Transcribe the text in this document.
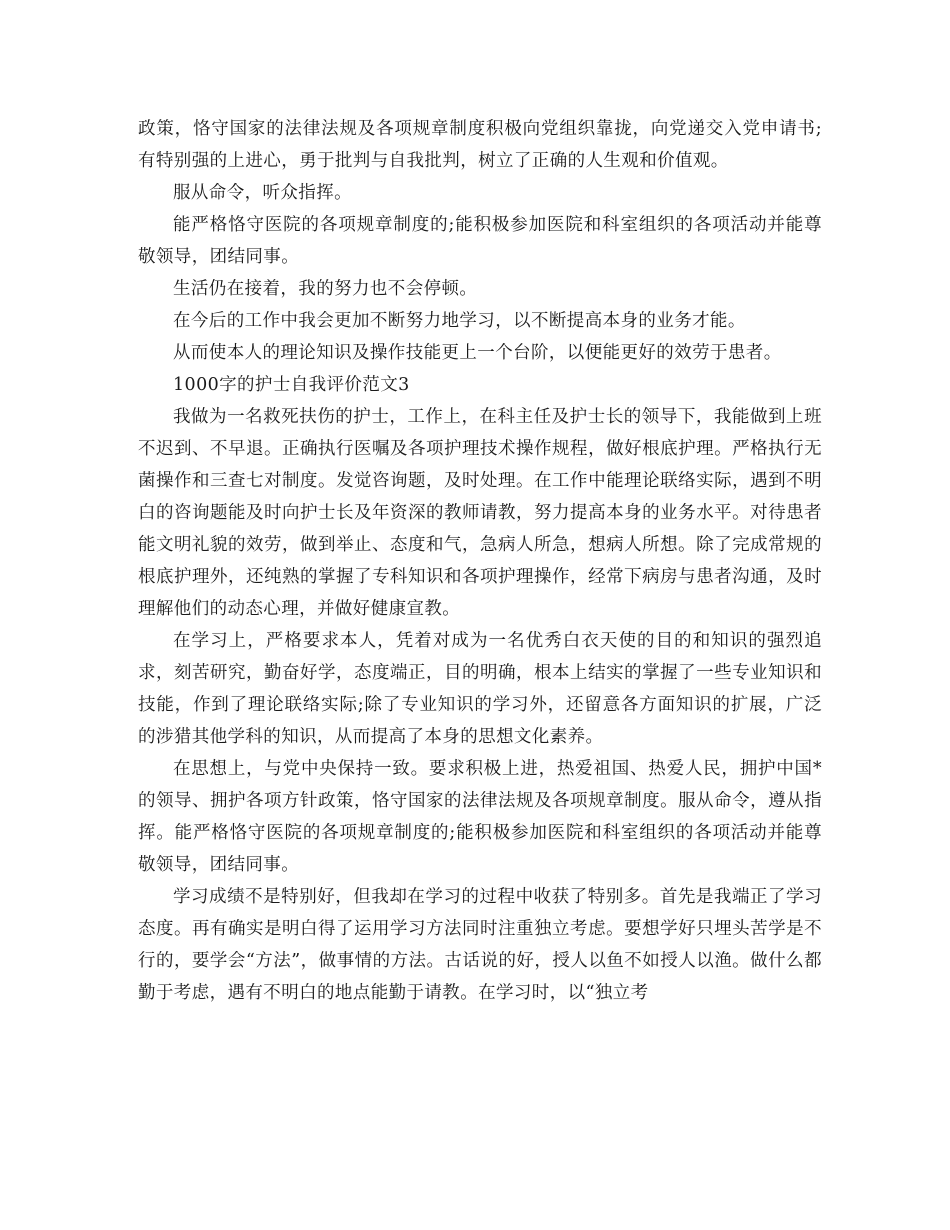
政策，恪守国家的法律法规及各项规章制度积极向党组织靠拢，向党递交入党申请书;有特别强的上进心，勇于批判与自我批判，树立了正确的人生观和价值观。

服从命令，听众指挥。

能严格恪守医院的各项规章制度的;能积极参加医院和科室组织的各项活动并能尊敬领导，团结同事。

生活仍在接着，我的努力也不会停顿。

在今后的工作中我会更加不断努力地学习，以不断提高本身的业务才能。

从而使本人的理论知识及操作技能更上一个台阶，以便能更好的效劳于患者。

1000字的护士自我评价范文3

我做为一名救死扶伤的护士，工作上，在科主任及护士长的领导下，我能做到上班不迟到、不早退。正确执行医嘱及各项护理技术操作规程，做好根底护理。严格执行无菌操作和三查七对制度。发觉咨询题，及时处理。在工作中能理论联络实际，遇到不明白的咨询题能及时向护士长及年资深的教师请教，努力提高本身的业务水平。对待患者能文明礼貌的效劳，做到举止、态度和气，急病人所急，想病人所想。除了完成常规的根底护理外，还纯熟的掌握了专科知识和各项护理操作，经常下病房与患者沟通，及时理解他们的动态心理，并做好健康宣教。

在学习上，严格要求本人，凭着对成为一名优秀白衣天使的目的和知识的强烈追求，刻苦研究，勤奋好学，态度端正，目的明确，根本上结实的掌握了一些专业知识和技能，作到了理论联络实际;除了专业知识的学习外，还留意各方面知识的扩展，广泛的涉猎其他学科的知识，从而提高了本身的思想文化素养。

在思想上，与党中央保持一致。要求积极上进，热爱祖国、热爱人民，拥护中国*的领导、拥护各项方针政策，恪守国家的法律法规及各项规章制度。服从命令，遵从指挥。能严格恪守医院的各项规章制度的;能积极参加医院和科室组织的各项活动并能尊敬领导，团结同事。

学习成绩不是特别好，但我却在学习的过程中收获了特别多。首先是我端正了学习态度。再有确实是明白得了运用学习方法同时注重独立考虑。要想学好只埋头苦学是不行的，要学会“方法”，做事情的方法。古话说的好，授人以鱼不如授人以渔。做什么都勤于考虑，遇有不明白的地点能勤于请教。在学习时，以“独立考
